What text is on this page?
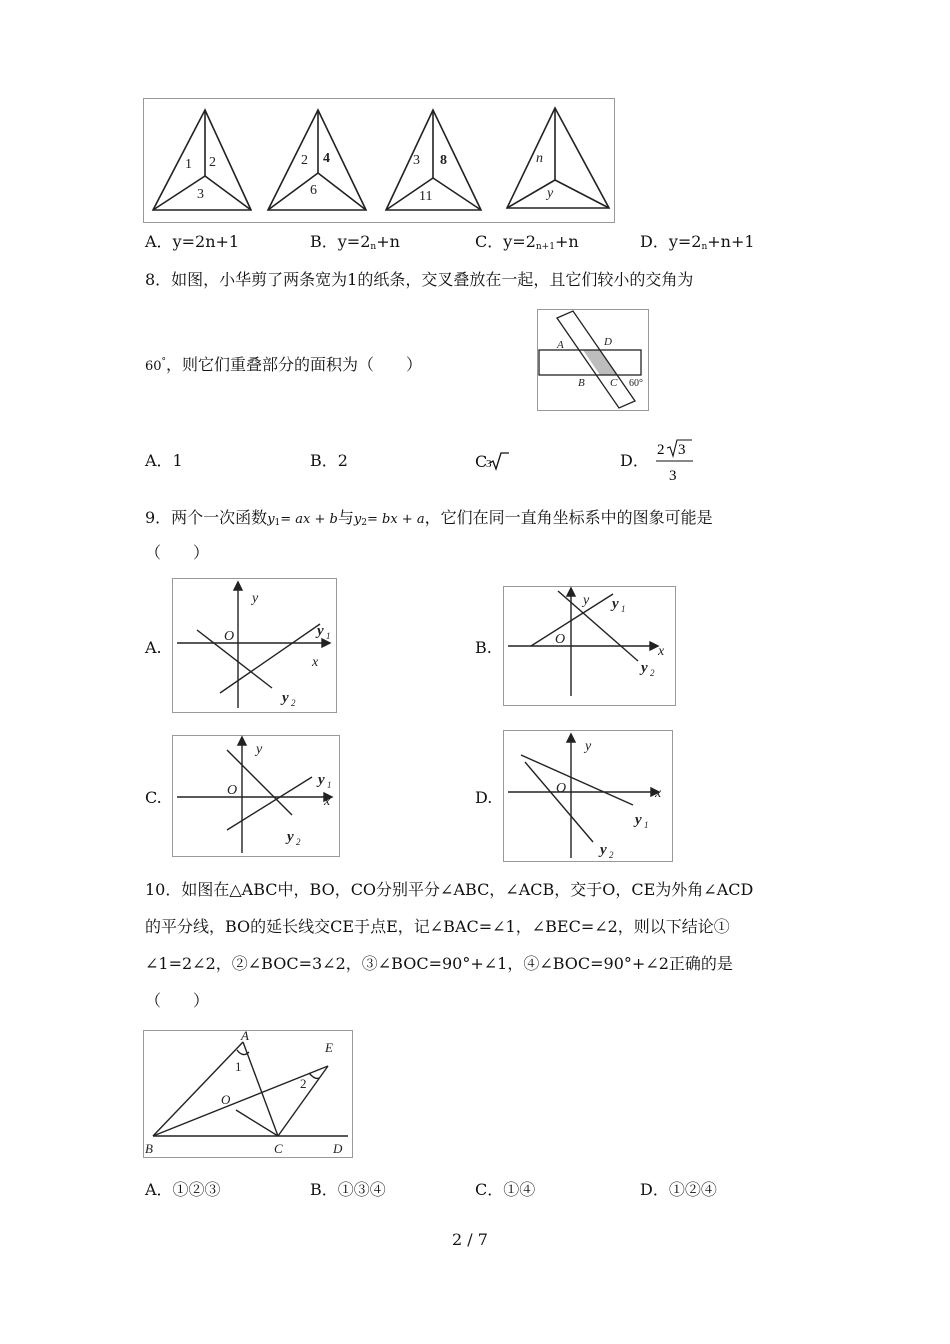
1 2
3
2 4
6
3 8
11
n
y
A．y=2n+1	B．$y=2_n+n$	C．$y=2_{n+1}+n$	D．$y=2_n+n+1$
8．如图，小华剪了两条宽为1的纸条，交叉叠放在一起，且它们较小的交角为
60°，则它们重叠部分的面积为（　　）
A	D
B C 60°
A．1	B．2	C 3	D．
2 3
3
9．两个一次函数$y_1=$ ax + b与$y_2=$ bx + a，它们在同一直角坐标系中的图象可能是
（　　）
A.
y
O	y 1
x
y 2
B.
y
O
y 1
x
y 2
C.
y
O
y 1
x
y 2
D.
y
O	x
y 1
y 2
10．如图在△ABC中，BO，CO分别平分∠ABC，∠ACB，交于O，CE为外角∠ACD
的平分线，BO的延长线交CE于点E，记∠BAC=∠1，∠BEC=∠2，则以下结论①
∠1=2∠2，②∠BOC=3∠2，③∠BOC=90°+∠1，④∠BOC=90°+∠2正确的是
（　　）
A
E
O
B	C	D
1
2
A．①②③	B．①③④	C．①④	D．①②④
2 / 7
